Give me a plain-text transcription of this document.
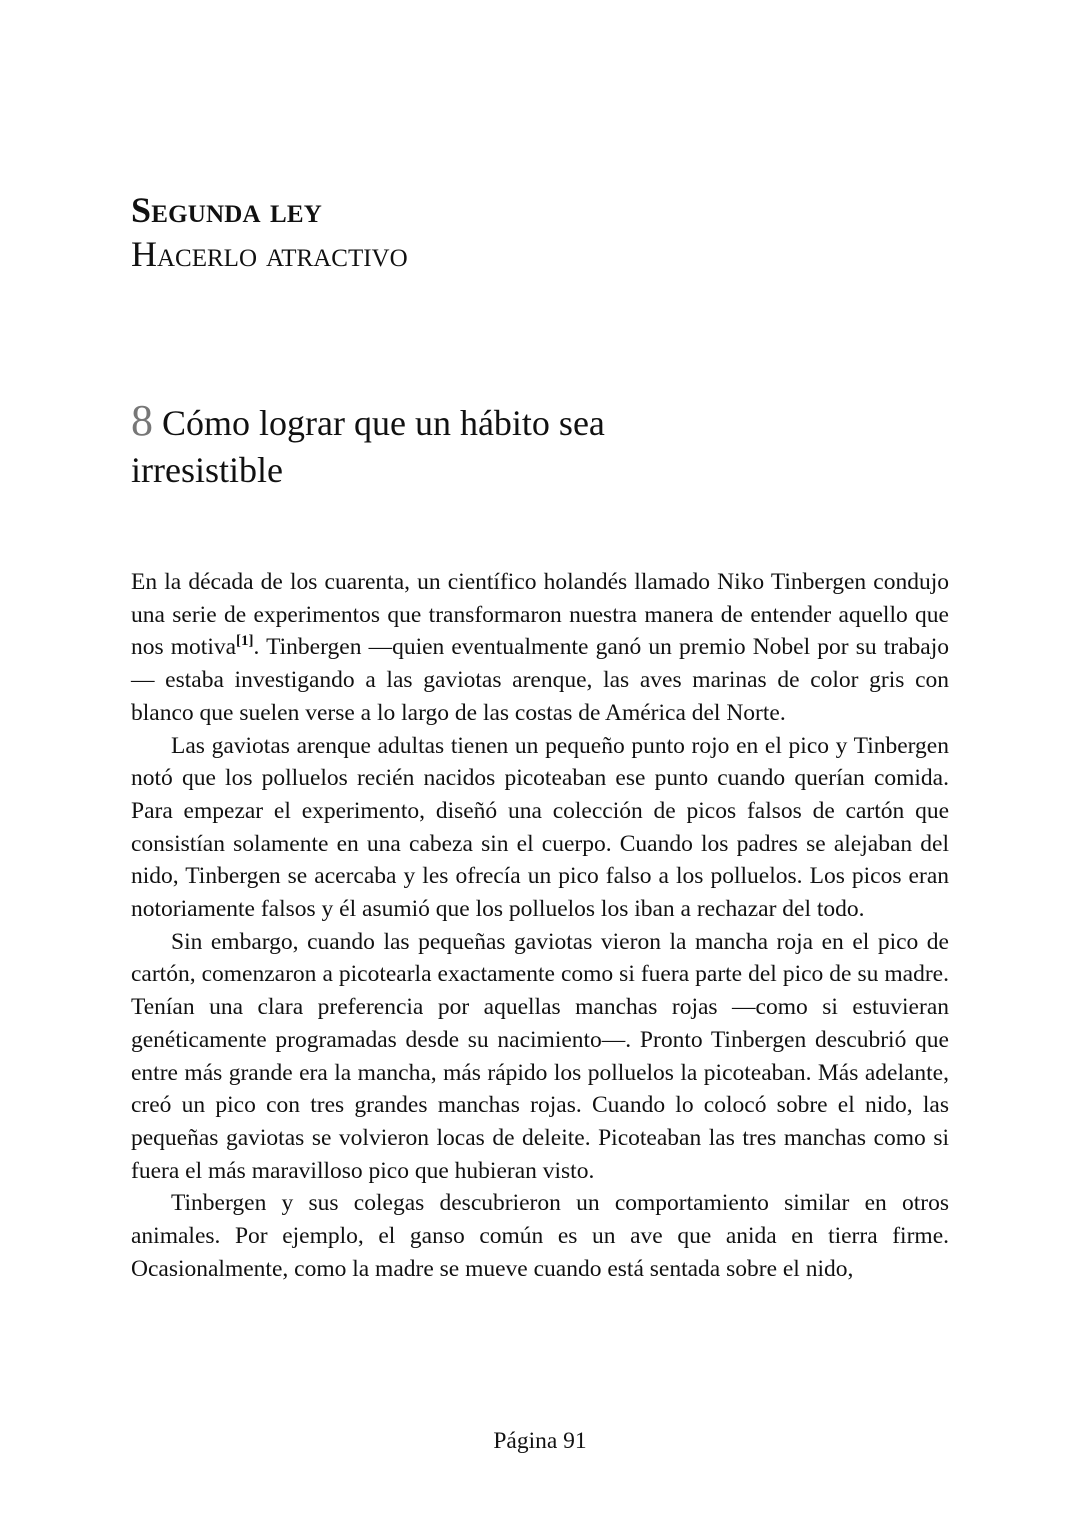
Segunda ley
Hacerlo atractivo
8 Cómo lograr que un hábito sea irresistible

En la década de los cuarenta, un científico holandés llamado Niko Tinbergen condujo una serie de experimentos que transformaron nuestra manera de entender aquello que nos motiva[1]. Tinbergen —quien eventualmente ganó un premio Nobel por su trabajo— estaba investigando a las gaviotas arenque, las aves marinas de color gris con blanco que suelen verse a lo largo de las costas de América del Norte.

Las gaviotas arenque adultas tienen un pequeño punto rojo en el pico y Tinbergen notó que los polluelos recién nacidos picoteaban ese punto cuando querían comida. Para empezar el experimento, diseñó una colección de picos falsos de cartón que consistían solamente en una cabeza sin el cuerpo. Cuando los padres se alejaban del nido, Tinbergen se acercaba y les ofrecía un pico falso a los polluelos. Los picos eran notoriamente falsos y él asumió que los polluelos los iban a rechazar del todo.

Sin embargo, cuando las pequeñas gaviotas vieron la mancha roja en el pico de cartón, comenzaron a picotearla exactamente como si fuera parte del pico de su madre. Tenían una clara preferencia por aquellas manchas rojas —como si estuvieran genéticamente programadas desde su nacimiento—. Pronto Tinbergen descubrió que entre más grande era la mancha, más rápido los polluelos la picoteaban. Más adelante, creó un pico con tres grandes manchas rojas. Cuando lo colocó sobre el nido, las pequeñas gaviotas se volvieron locas de deleite. Picoteaban las tres manchas como si fuera el más maravilloso pico que hubieran visto.

Tinbergen y sus colegas descubrieron un comportamiento similar en otros animales. Por ejemplo, el ganso común es un ave que anida en tierra firme. Ocasionalmente, como la madre se mueve cuando está sentada sobre el nido,

Página 91
